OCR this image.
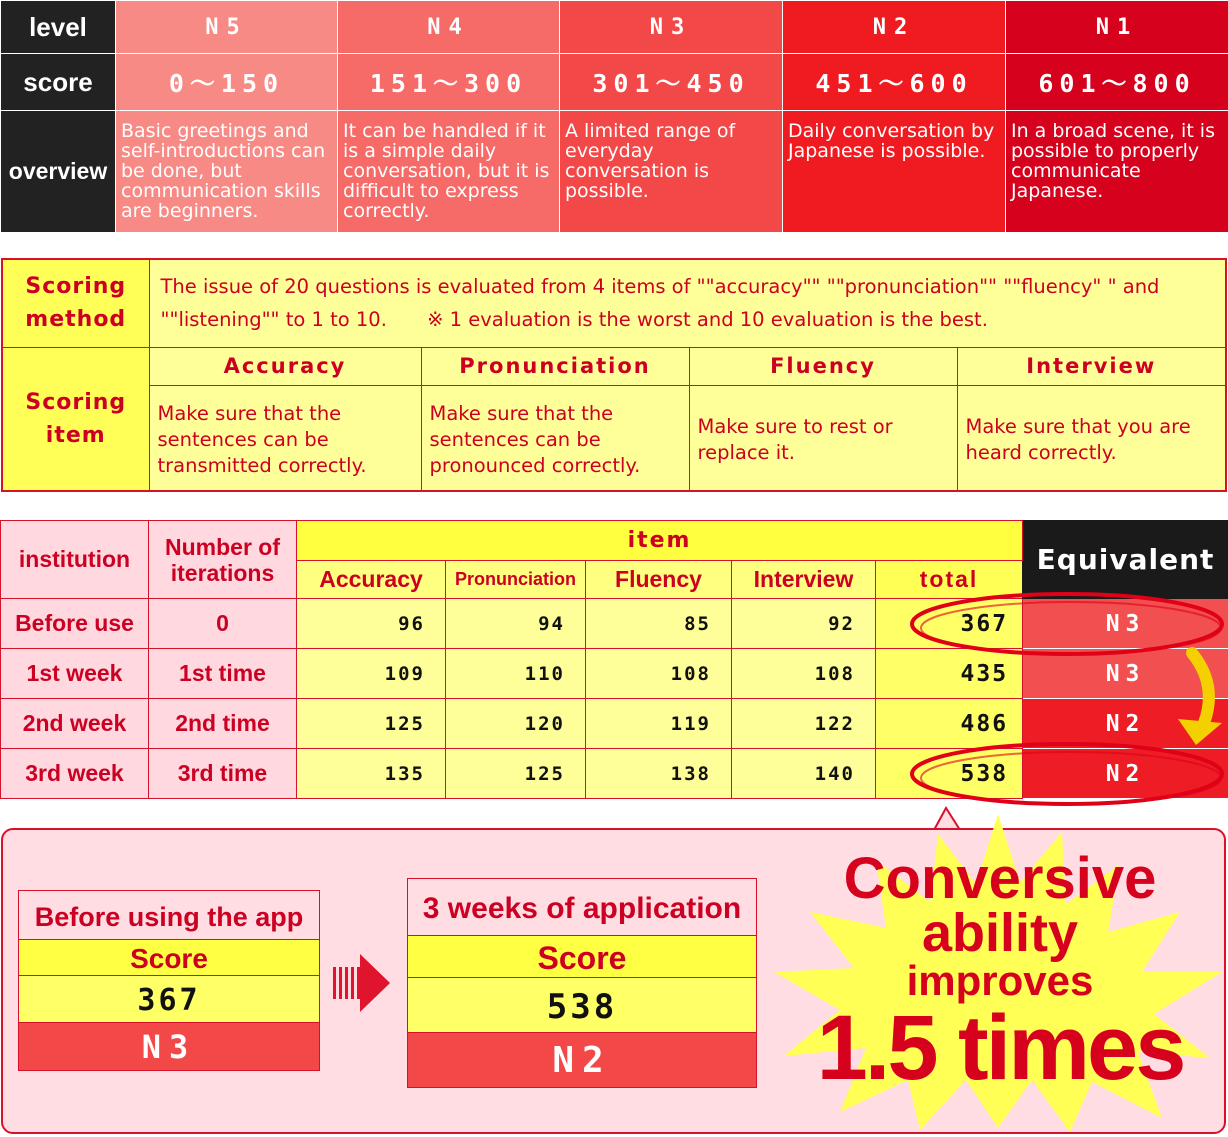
level	N5	N4	N3	N2	N1
score	0～150	151～300	301～450	451～600	601～800
overview	Basic greetings and self-introductions can be done, but communication skills are beginners.	It can be handled if it is a simple daily conversation, but it is difficult to express correctly.	A limited range of everyday conversation is possible.	Daily conversation by Japanese is possible.	In a broad scene, it is possible to properly communicate Japanese.
Scoring method	The issue of 20 questions is evaluated from 4 items of ""accuracy"" ""pronunciation"" ""fluency" " and ""listening"" to 1 to 10. ※ 1 evaluation is the worst and 10 evaluation is the best.			
Scoring item	Accuracy	Pronunciation	Fluency	Interview
	Make sure that the sentences can be transmitted correctly.	Make sure that the sentences can be pronounced correctly.	Make sure to rest or replace it.	Make sure that you are heard correctly.
institution	Number of iterations	item					Equivalent
		Accuracy	Pronunciation	Fluency	Interview	total	
Before use	0	96	94	85	92	367	N3
1st week	1st time	109	110	108	108	435	N3
2nd week	2nd time	125	120	119	122	486	N2
3rd week	3rd time	135	125	138	140	538	N2
Conversive
ability
improves
1.5 times
Before using the app
Score
367
N3
3 weeks of application
Score
538
N2
